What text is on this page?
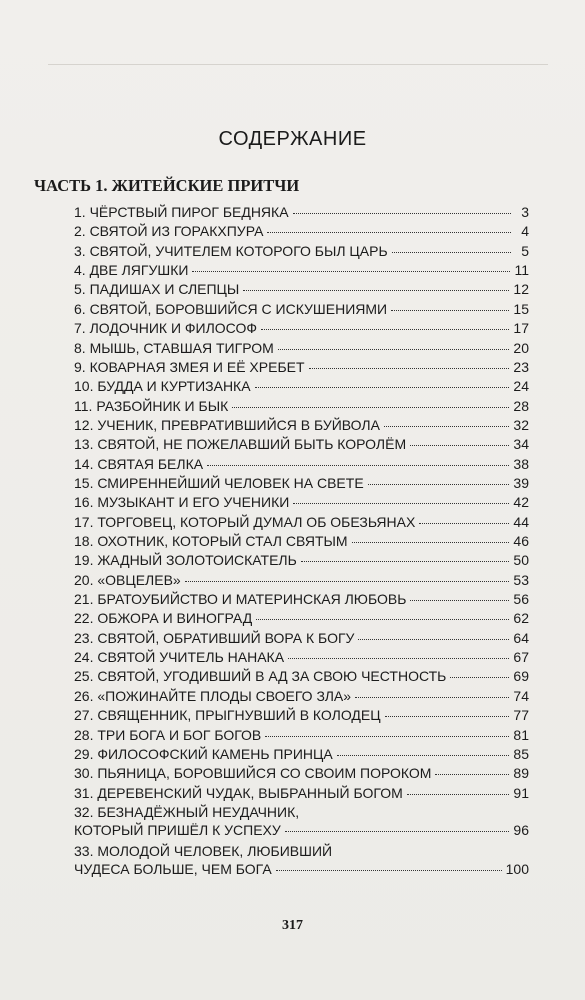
СОДЕРЖАНИЕ
ЧАСТЬ 1. ЖИТЕЙСКИЕ ПРИТЧИ
1. ЧЁРСТВЫЙ ПИРОГ БЕДНЯКА	3
2. СВЯТОЙ ИЗ ГОРАКХПУРА	4
3. СВЯТОЙ, УЧИТЕЛЕМ КОТОРОГО БЫЛ ЦАРЬ	5
4. ДВЕ ЛЯГУШКИ	11
5. ПАДИШАХ И СЛЕПЦЫ	12
6. СВЯТОЙ, БОРОВШИЙСЯ С ИСКУШЕНИЯМИ	15
7. ЛОДОЧНИК И ФИЛОСОФ	17
8. МЫШЬ, СТАВШАЯ ТИГРОМ	20
9. КОВАРНАЯ ЗМЕЯ И ЕЁ ХРЕБЕТ	23
10. БУДДА И КУРТИЗАНКА	24
11. РАЗБОЙНИК И БЫК	28
12. УЧЕНИК, ПРЕВРАТИВШИЙСЯ В БУЙВОЛА	32
13. СВЯТОЙ, НЕ ПОЖЕЛАВШИЙ БЫТЬ КОРОЛЁМ	34
14. СВЯТАЯ БЕЛКА	38
15. СМИРЕННЕЙШИЙ ЧЕЛОВЕК НА СВЕТЕ	39
16. МУЗЫКАНТ И ЕГО УЧЕНИКИ	42
17. ТОРГОВЕЦ, КОТОРЫЙ ДУМАЛ ОБ ОБЕЗЬЯНАХ	44
18. ОХОТНИК, КОТОРЫЙ СТАЛ СВЯТЫМ	46
19. ЖАДНЫЙ ЗОЛОТОИСКАТЕЛЬ	50
20. «ОВЦЕЛЕВ»	53
21. БРАТОУБИЙСТВО И МАТЕРИНСКАЯ ЛЮБОВЬ	56
22. ОБЖОРА И ВИНОГРАД	62
23. СВЯТОЙ, ОБРАТИВШИЙ ВОРА К БОГУ	64
24. СВЯТОЙ УЧИТЕЛЬ НАНАКА	67
25. СВЯТОЙ, УГОДИВШИЙ В АД ЗА СВОЮ ЧЕСТНОСТЬ	69
26. «ПОЖИНАЙТЕ ПЛОДЫ СВОЕГО ЗЛА»	74
27. СВЯЩЕННИК, ПРЫГНУВШИЙ В КОЛОДЕЦ	77
28. ТРИ БОГА И БОГ БОГОВ	81
29. ФИЛОСОФСКИЙ КАМЕНЬ ПРИНЦА	85
30. ПЬЯНИЦА, БОРОВШИЙСЯ СО СВОИМ ПОРОКОМ	89
31. ДЕРЕВЕНСКИЙ ЧУДАК, ВЫБРАННЫЙ БОГОМ	91
32. БЕЗНАДЁЖНЫЙ НЕУДАЧНИК,
КОТОРЫЙ ПРИШЁЛ К УСПЕХУ	96
33. МОЛОДОЙ ЧЕЛОВЕК, ЛЮБИВШИЙ
ЧУДЕСА БОЛЬШЕ, ЧЕМ БОГА	100
317
